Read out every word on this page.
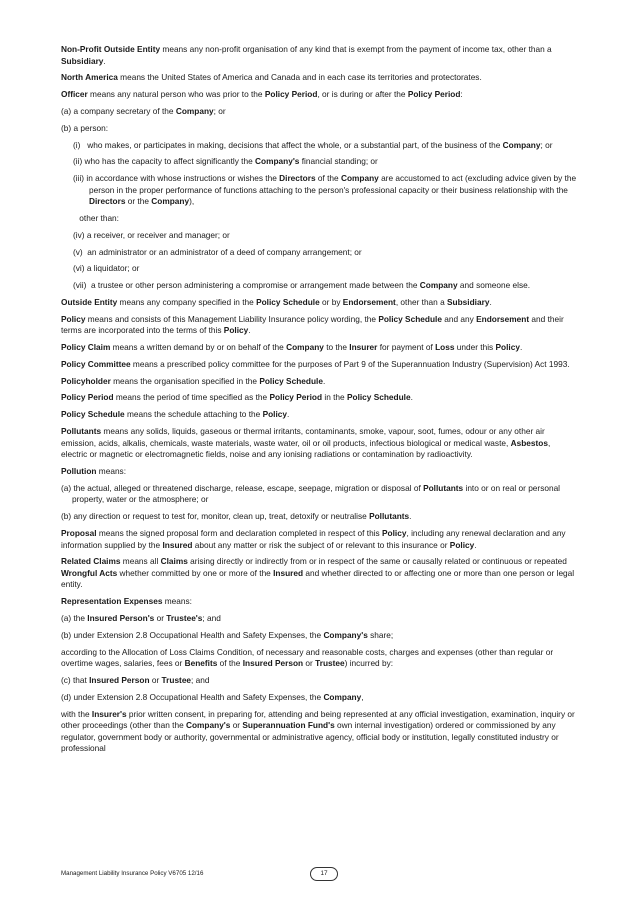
Non-Profit Outside Entity means any non-profit organisation of any kind that is exempt from the payment of income tax, other than a Subsidiary.

North America means the United States of America and Canada and in each case its territories and protectorates.

Officer means any natural person who was prior to the Policy Period, or is during or after the Policy Period:

(a) a company secretary of the Company; or

(b) a person:

(i)   who makes, or participates in making, decisions that affect the whole, or a substantial part, of the business of the Company; or

(ii) who has the capacity to affect significantly the Company's financial standing; or

(iii) in accordance with whose instructions or wishes the Directors of the Company are accustomed to act (excluding advice given by the person in the proper performance of functions attaching to the person's professional capacity or their business relationship with the Directors or the Company),

other than:

(iv) a receiver, or receiver and manager; or

(v)  an administrator or an administrator of a deed of company arrangement; or

(vi) a liquidator; or

(vii)  a trustee or other person administering a compromise or arrangement made between the Company and someone else.

Outside Entity means any company specified in the Policy Schedule or by Endorsement, other than a Subsidiary.

Policy means and consists of this Management Liability Insurance policy wording, the Policy Schedule and any Endorsement and their terms are incorporated into the terms of this Policy.

Policy Claim means a written demand by or on behalf of the Company to the Insurer for payment of Loss under this Policy.

Policy Committee means a prescribed policy committee for the purposes of Part 9 of the Superannuation Industry (Supervision) Act 1993.

Policyholder means the organisation specified in the Policy Schedule.

Policy Period means the period of time specified as the Policy Period in the Policy Schedule.

Policy Schedule means the schedule attaching to the Policy.

Pollutants means any solids, liquids, gaseous or thermal irritants, contaminants, smoke, vapour, soot, fumes, odour or any other air emission, acids, alkalis, chemicals, waste materials, waste water, oil or oil products, infectious biological or medical waste, Asbestos, electric or magnetic or electromagnetic fields, noise and any ionising radiations or contamination by radioactivity.

Pollution means:

(a) the actual, alleged or threatened discharge, release, escape, seepage, migration or disposal of Pollutants into or on real or personal property, water or the atmosphere; or

(b) any direction or request to test for, monitor, clean up, treat, detoxify or neutralise Pollutants.

Proposal means the signed proposal form and declaration completed in respect of this Policy, including any renewal declaration and any information supplied by the Insured about any matter or risk the subject of or relevant to this insurance or Policy.

Related Claims means all Claims arising directly or indirectly from or in respect of the same or causally related or continuous or repeated Wrongful Acts whether committed by one or more of the Insured and whether directed to or affecting one or more than one person or legal entity.

Representation Expenses means:

(a) the Insured Person's or Trustee's; and

(b) under Extension 2.8 Occupational Health and Safety Expenses, the Company's share;

according to the Allocation of Loss Claims Condition, of necessary and reasonable costs, charges and expenses (other than regular or overtime wages, salaries, fees or Benefits of the Insured Person or Trustee) incurred by:

(c) that Insured Person or Trustee; and

(d) under Extension 2.8 Occupational Health and Safety Expenses, the Company,

with the Insurer's prior written consent, in preparing for, attending and being represented at any official investigation, examination, inquiry or other proceedings (other than the Company's or Superannuation Fund's own internal investigation) ordered or commissioned by any regulator, government body or authority, governmental or administrative agency, official body or institution, legally constituted industry or professional

Management Liability Insurance Policy V6705 12/16	17
